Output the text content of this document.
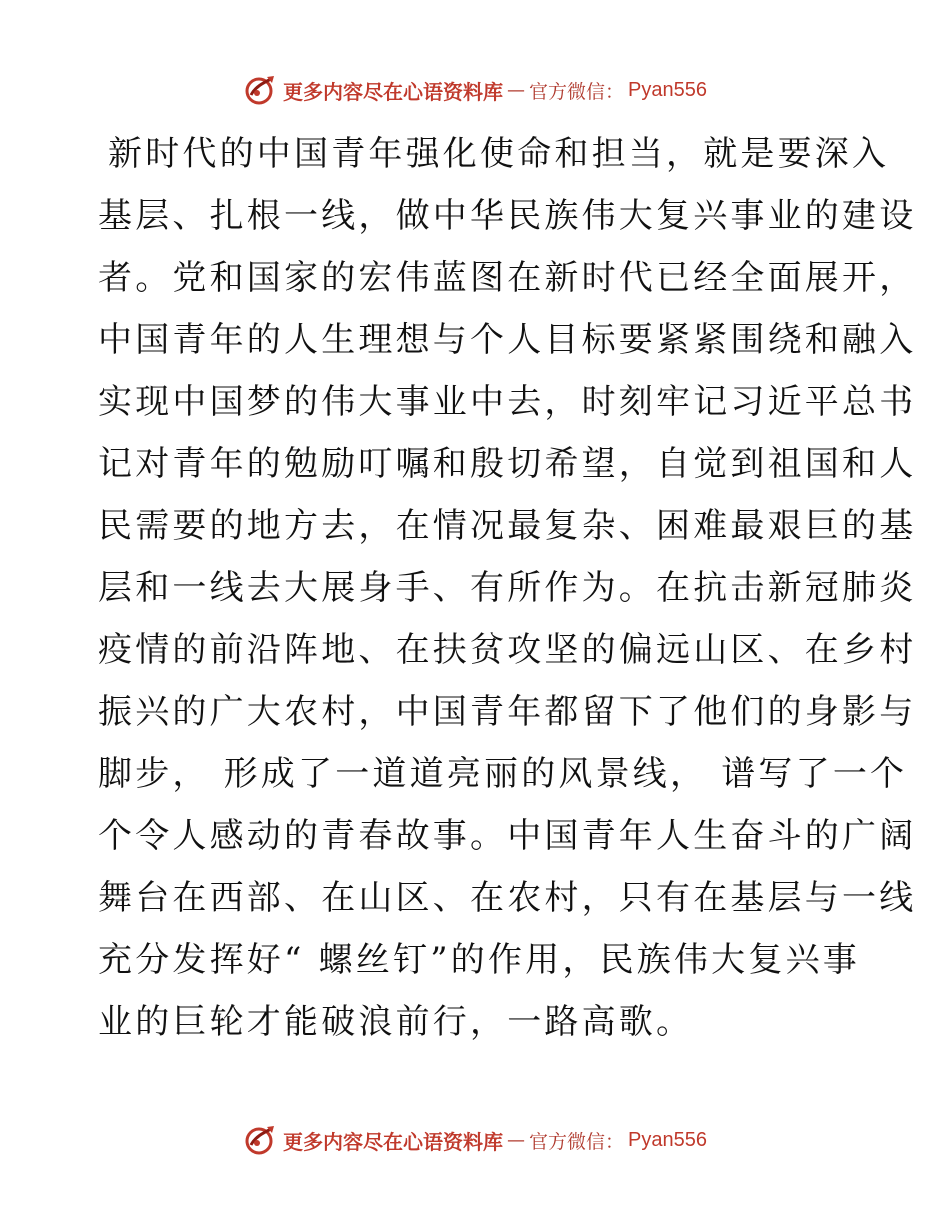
更多内容尽在心语资料库 — 官方微信： Pyan556
新时代的中国青年强化使命和担当，就是要深入
基层、扎根一线，做中华民族伟大复兴事业的建设
者。党和国家的宏伟蓝图在新时代已经全面展开，
中国青年的人生理想与个人目标要紧紧围绕和融入
实现中国梦的伟大事业中去，时刻牢记习近平总书
记对青年的勉励叮嘱和殷切希望，自觉到祖国和人
民需要的地方去，在情况最复杂、困难最艰巨的基
层和一线去大展身手、有所作为。在抗击新冠肺炎
疫情的前沿阵地、在扶贫攻坚的偏远山区、在乡村
振兴的广大农村，中国青年都留下了他们的身影与
脚步， 形成了一道道亮丽的风景线， 谱写了一个
个令人感动的青春故事。中国青年人生奋斗的广阔
舞台在西部、在山区、在农村，只有在基层与一线
充分发挥好“ 螺丝钉”的作用，民族伟大复兴事
业的巨轮才能破浪前行，一路高歌。
更多内容尽在心语资料库 — 官方微信： Pyan556
